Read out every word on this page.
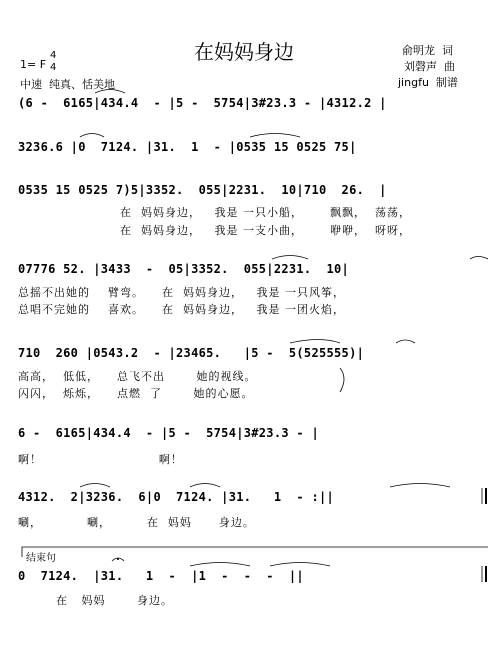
在妈妈身边
1= F
4
4
中速  纯真、恬美地
俞明龙  词
刘磬声  曲
jingfu  制谱
(6 -  6165|434.4  - |5 -  5754|3#23.3 - |4312.2 |
3236.6 |0  7124. |31.  1  - |0535 15 0525 75|
0535 15 0525 7)5|3352.  055|2231.  10|710  26.  |
在  妈妈身边，   我是 一只小船，      飘飘，  荡荡，
在  妈妈身边，   我是 一支小曲，      咿咿，  呀呀，
07776 52. |3433  -  05|3352.  055|2231.  10|
总摇不出她的    臂弯。    在  妈妈身边，   我是 一只风筝，
总唱不完她的    喜欢。    在  妈妈身边，   我是 一团火焰，
710  260 |0543.2  - |23465.   |5 -  5(525555)|
高高，  低低，    总飞不出       她的视线。
闪闪，  烁烁，    点燃  了       她的心愿。
6 -  6165|434.4  - |5 -  5754|3#23.3 - |
啊！                          啊！
4312.  2|3236.  6|0  7124. |31.   1  - :||
唰，          唰，        在  妈妈      身边。
结束句
0  7124.  |31.   1  -  |1  -  -  -  ||
在   妈妈       身边。
